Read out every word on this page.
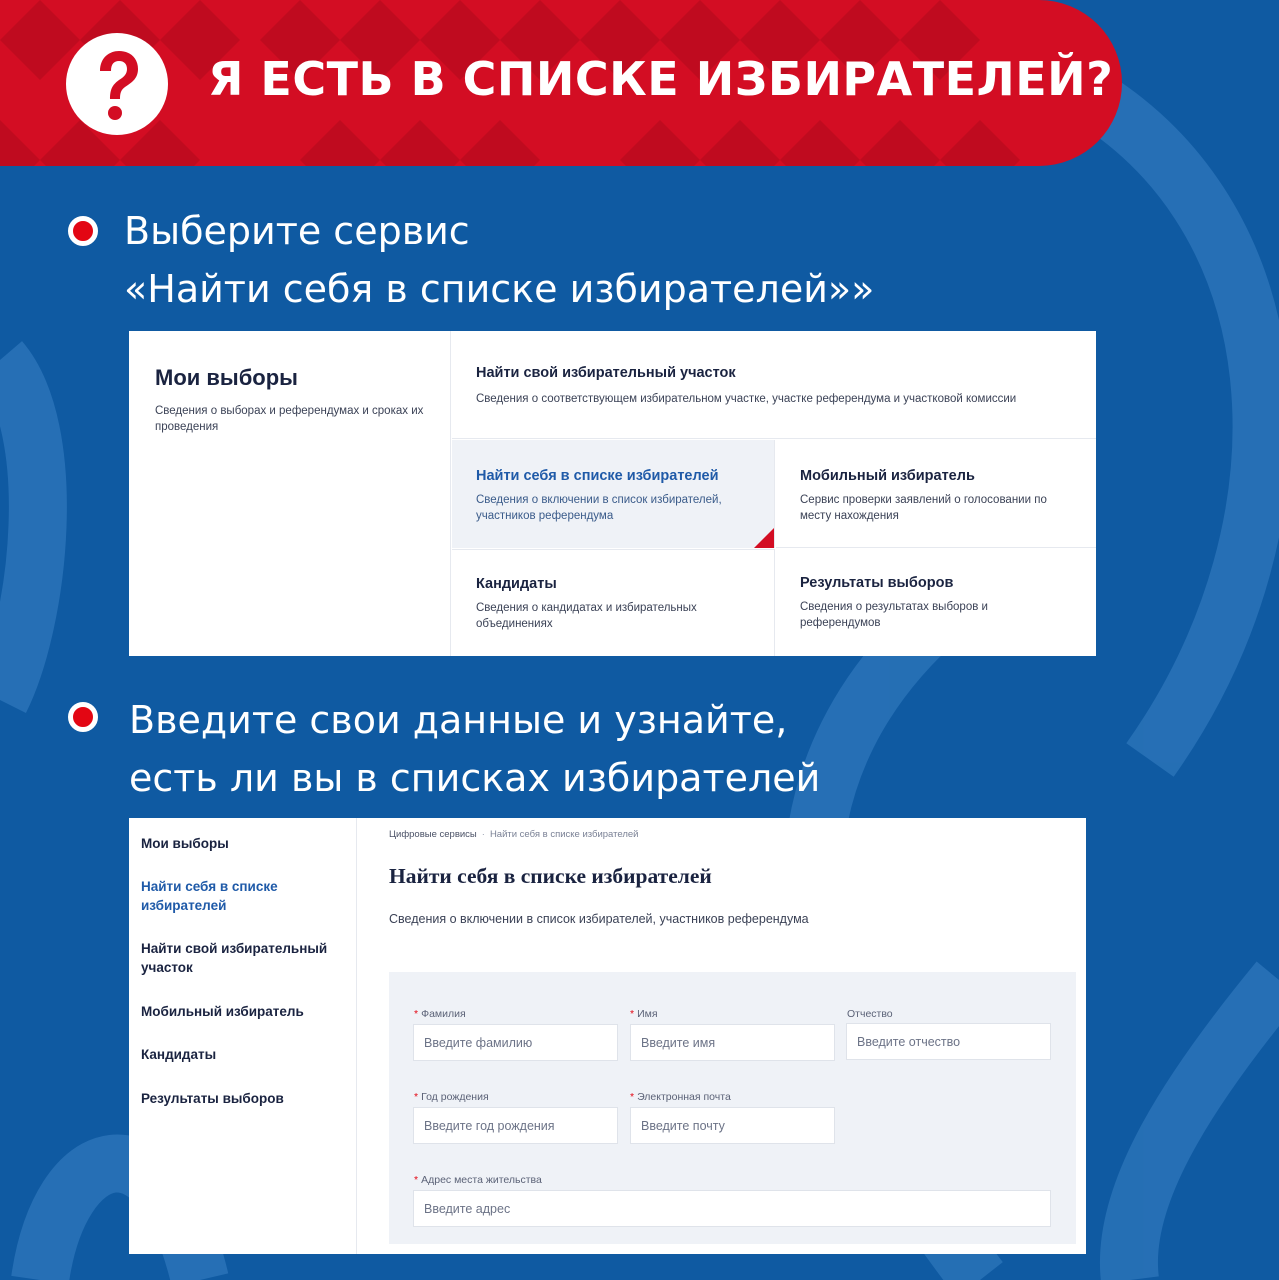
Я ЕСТЬ В СПИСКЕ ИЗБИРАТЕЛЕЙ?
Выберите сервис
«Найти себя в списке избирателей»»
Мои выборы

Сведения о выборах и референдумах и сроках их проведения

Найти свой избирательный участок
Сведения о соответствующем избирательном участке, участке референдума и участковой комиссии
Найти себя в списке избирателей
Сведения о включении в список избирателей, участников референдума
Мобильный избиратель
Сервис проверки заявлений о голосовании по месту нахождения
Кандидаты
Сведения о кандидатах и избирательных объединениях
Результаты выборов
Сведения о результатах выборов и референдумов
Введите свои данные и узнайте,
есть ли вы в списках избирателей
Мои выборы
Найти себя в списке избирателей
Найти свой избирательный участок
Мобильный избиратель
Кандидаты
Результаты выборов
Цифровые сервисы · Найти себя в списке избирателей
Найти себя в списке избирателей
Сведения о включении в список избирателей, участников референдума
* Фамилия
Введите фамилию
* Имя
Введите имя
Отчество
Введите отчество
* Год рождения
Введите год рождения
* Электронная почта
Введите почту
* Адрес места жительства
Введите адрес
